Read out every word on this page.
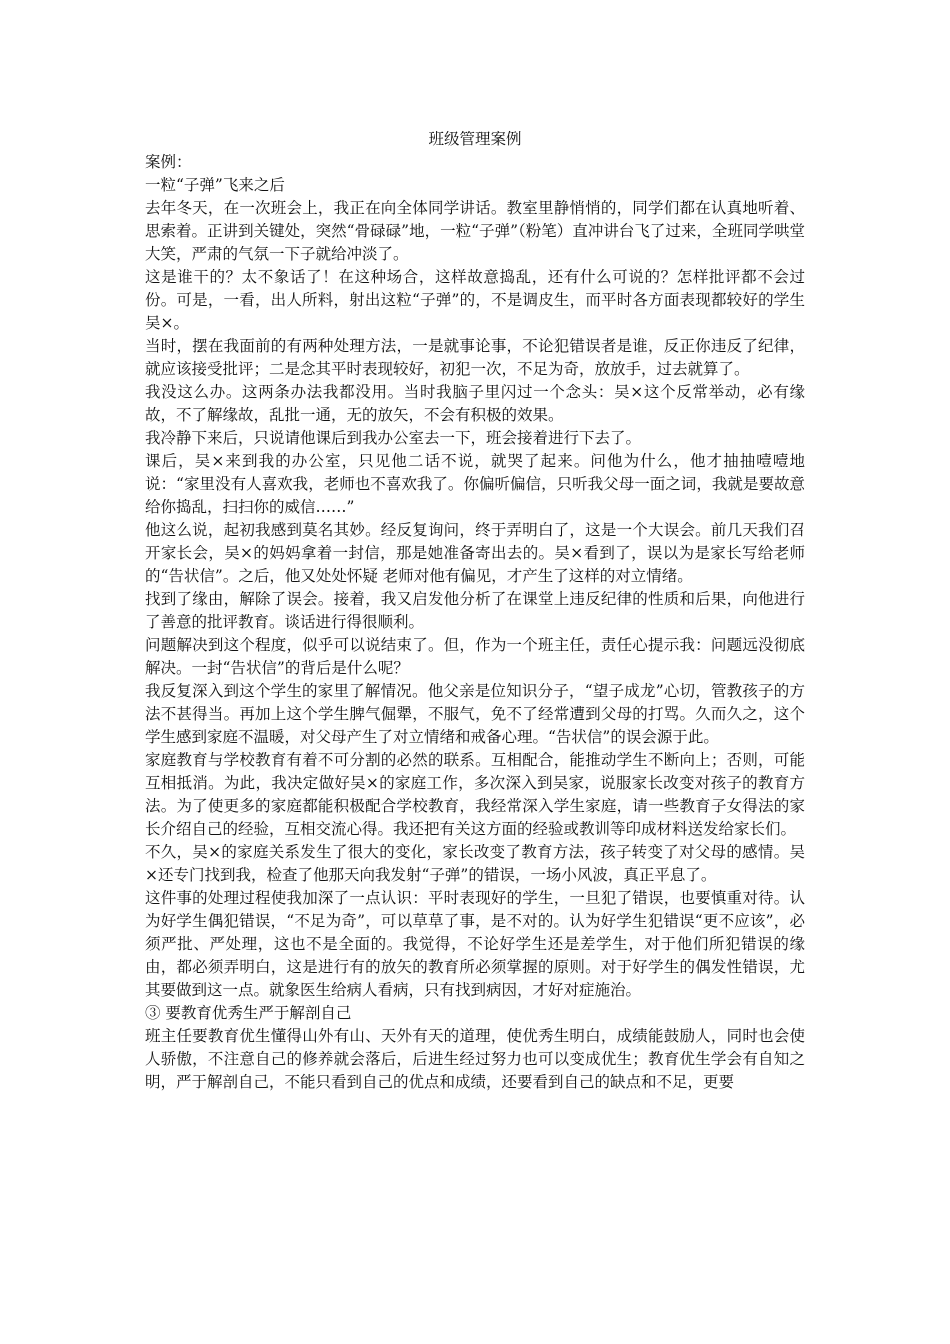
班级管理案例

案例：

一粒“子弹”飞来之后

去年冬天，在一次班会上，我正在向全体同学讲话。教室里静悄悄的，同学们都在认真地听着、思索着。正讲到关键处，突然“骨碌碌”地，一粒“子弹”（粉笔）直冲讲台飞了过来，全班同学哄堂大笑，严肃的气氛一下子就给冲淡了。

这是谁干的？太不象话了！在这种场合，这样故意捣乱，还有什么可说的？怎样批评都不会过份。可是，一看，出人所料，射出这粒“子弹”的，不是调皮生，而平时各方面表现都较好的学生吴×。

当时，摆在我面前的有两种处理方法，一是就事论事，不论犯错误者是谁，反正你违反了纪律，就应该接受批评；二是念其平时表现较好，初犯一次，不足为奇，放放手，过去就算了。

我没这么办。这两条办法我都没用。当时我脑子里闪过一个念头：吴×这个反常举动，必有缘故，不了解缘故，乱批一通，无的放矢，不会有积极的效果。

我冷静下来后，只说请他课后到我办公室去一下，班会接着进行下去了。

课后，吴×来到我的办公室，只见他二话不说，就哭了起来。问他为什么，他才抽抽噎噎地说：“家里没有人喜欢我，老师也不喜欢我了。你偏听偏信，只听我父母一面之词，我就是要故意给你捣乱，扫扫你的威信……”

他这么说，起初我感到莫名其妙。经反复询问，终于弄明白了，这是一个大误会。前几天我们召开家长会，吴×的妈妈拿着一封信，那是她准备寄出去的。吴×看到了，误以为是家长写给老师的“告状信”。之后，他又处处怀疑 老师对他有偏见，才产生了这样的对立情绪。

找到了缘由，解除了误会。接着，我又启发他分析了在课堂上违反纪律的性质和后果，向他进行了善意的批评教育。谈话进行得很顺利。

问题解决到这个程度，似乎可以说结束了。但，作为一个班主任，责任心提示我：问题远没彻底解决。一封“告状信”的背后是什么呢？

我反复深入到这个学生的家里了解情况。他父亲是位知识分子，“望子成龙”心切，管教孩子的方法不甚得当。再加上这个学生脾气倔犟，不服气，免不了经常遭到父母的打骂。久而久之，这个学生感到家庭不温暖，对父母产生了对立情绪和戒备心理。“告状信”的误会源于此。

家庭教育与学校教育有着不可分割的必然的联系。互相配合，能推动学生不断向上；否则，可能互相抵消。为此，我决定做好吴×的家庭工作，多次深入到吴家，说服家长改变对孩子的教育方法。为了使更多的家庭都能积极配合学校教育，我经常深入学生家庭，请一些教育子女得法的家长介绍自己的经验，互相交流心得。我还把有关这方面的经验或教训等印成材料送发给家长们。

不久，吴×的家庭关系发生了很大的变化，家长改变了教育方法，孩子转变了对父母的感情。吴×还专门找到我，检查了他那天向我发射“子弹”的错误，一场小风波，真正平息了。

这件事的处理过程使我加深了一点认识：平时表现好的学生，一旦犯了错误，也要慎重对待。认为好学生偶犯错误，“不足为奇”，可以草草了事，是不对的。认为好学生犯错误“更不应该”，必须严批、严处理，这也不是全面的。我觉得，不论好学生还是差学生，对于他们所犯错误的缘由，都必须弄明白，这是进行有的放矢的教育所必须掌握的原则。对于好学生的偶发性错误，尤其要做到这一点。就象医生给病人看病，只有找到病因，才好对症施治。

③ 要教育优秀生严于解剖自己

班主任要教育优生懂得山外有山、天外有天的道理，使优秀生明白，成绩能鼓励人，同时也会使人骄傲，不注意自己的修养就会落后，后进生经过努力也可以变成优生；教育优生学会有自知之明，严于解剖自己，不能只看到自己的优点和成绩，还要看到自己的缺点和不足，更要
